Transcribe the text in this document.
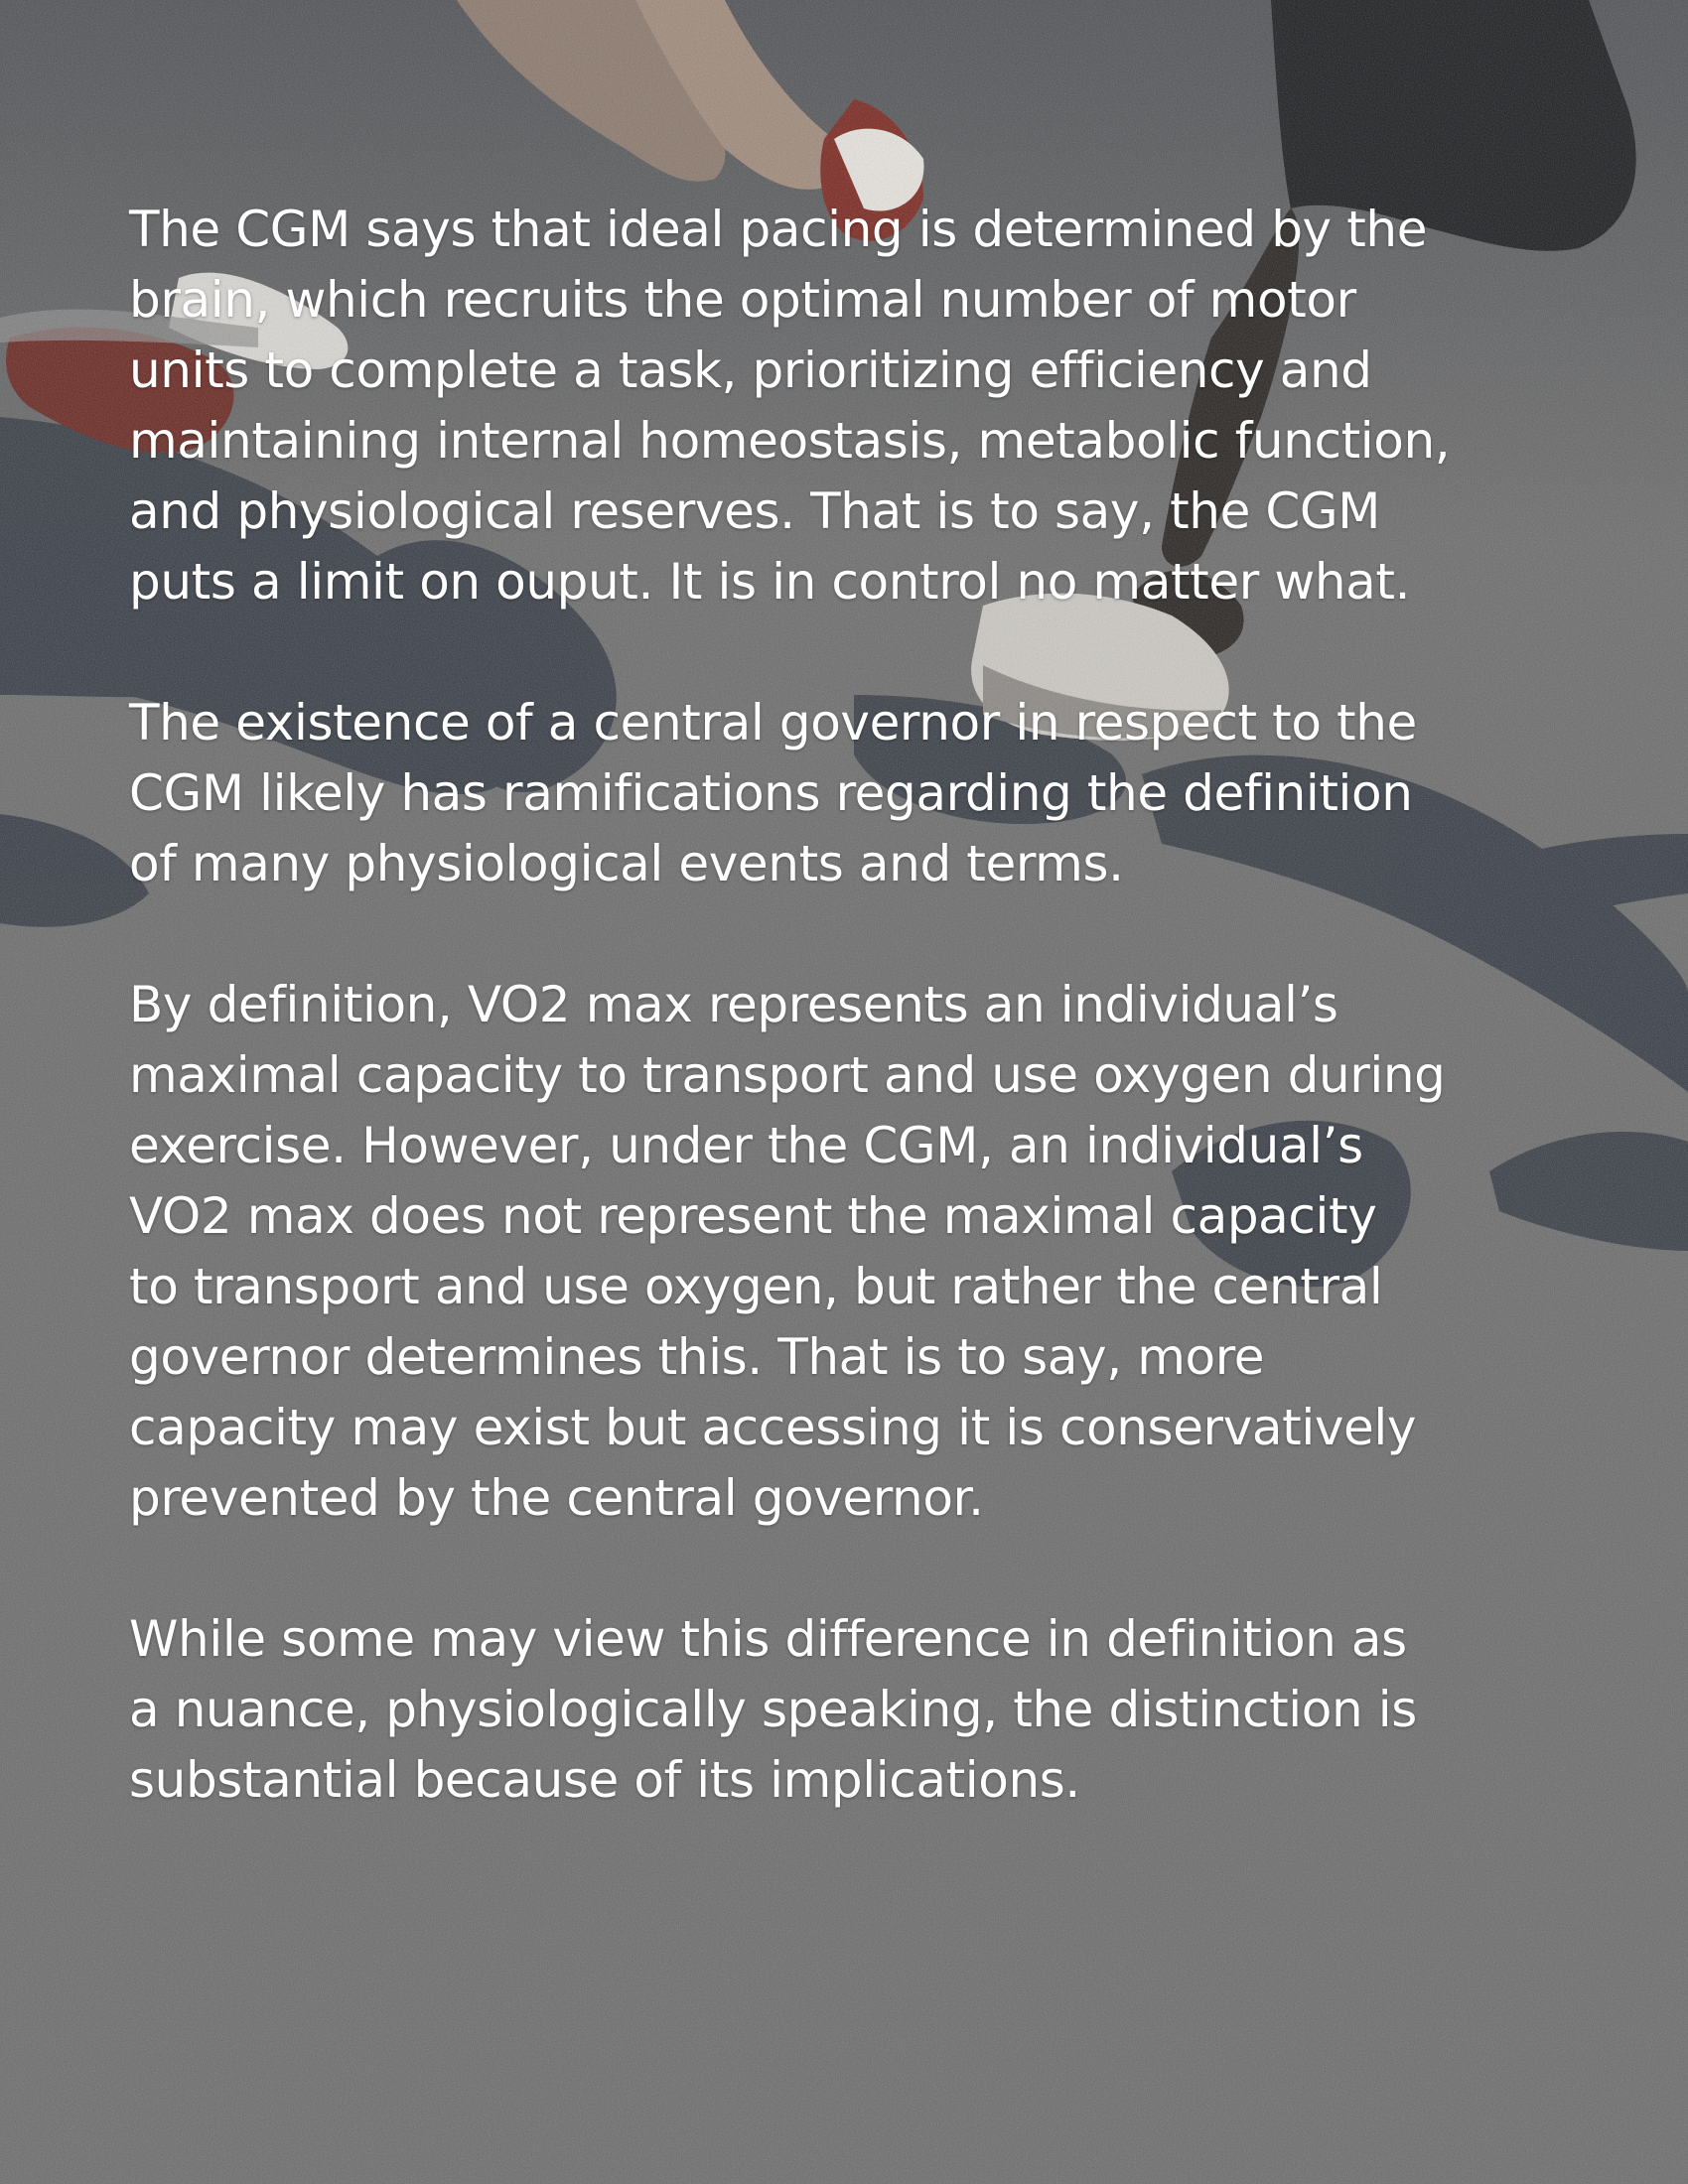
The CGM says that ideal pacing is determined by the
brain, which recruits the optimal number of motor
units to complete a task, prioritizing efficiency and
maintaining internal homeostasis, metabolic function,
and physiological reserves. That is to say, the CGM
puts a limit on ouput. It is in control no matter what.

The existence of a central governor in respect to the
CGM likely has ramifications regarding the definition
of many physiological events and terms.

By definition, VO2 max represents an individual’s
maximal capacity to transport and use oxygen during
exercise. However, under the CGM, an individual’s
VO2 max does not represent the maximal capacity
to transport and use oxygen, but rather the central
governor determines this. That is to say, more
capacity may exist but accessing it is conservatively
prevented by the central governor.

While some may view this difference in definition as
a nuance, physiologically speaking, the distinction is
substantial because of its implications.
